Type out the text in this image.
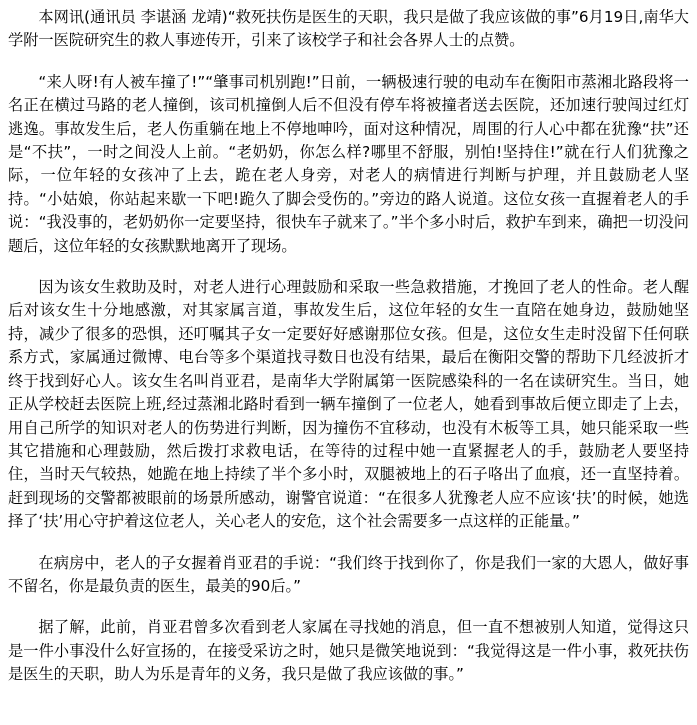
本网讯(通讯员 李谌涵 龙靖)“救死扶伤是医生的天职，我只是做了我应该做的事”6月19日,南华大学附一医院研究生的救人事迹传开，引来了该校学子和社会各界人士的点赞。

“来人呀!有人被车撞了!”“肇事司机别跑!”日前，一辆极速行驶的电动车在衡阳市蒸湘北路段将一名正在横过马路的老人撞倒，该司机撞倒人后不但没有停车将被撞者送去医院，还加速行驶闯过红灯逃逸。事故发生后，老人伤重躺在地上不停地呻吟，面对这种情况，周围的行人心中都在犹豫“扶”还是“不扶”，一时之间没人上前。“老奶奶，你怎么样?哪里不舒服，别怕!坚持住!”就在行人们犹豫之际，一位年轻的女孩冲了上去，跪在老人身旁，对老人的病情进行判断与护理，并且鼓励老人坚持。“小姑娘，你站起来歇一下吧!跪久了脚会受伤的。”旁边的路人说道。这位女孩一直握着老人的手说：“我没事的，老奶奶你一定要坚持，很快车子就来了。”半个多小时后，救护车到来，确把一切没问题后，这位年轻的女孩默默地离开了现场。

因为该女生救助及时，对老人进行心理鼓励和采取一些急救措施，才挽回了老人的性命。老人醒后对该女生十分地感激，对其家属言道，事故发生后，这位年轻的女生一直陪在她身边，鼓励她坚持，减少了很多的恐惧，还叮嘱其子女一定要好好感谢那位女孩。但是，这位女生走时没留下任何联系方式，家属通过微博、电台等多个渠道找寻数日也没有结果，最后在衡阳交警的帮助下几经波折才终于找到好心人。该女生名叫肖亚君，是南华大学附属第一医院感染科的一名在读研究生。当日，她正从学校赶去医院上班,经过蒸湘北路时看到一辆车撞倒了一位老人，她看到事故后便立即走了上去，用自己所学的知识对老人的伤势进行判断，因为撞伤不宜移动，也没有木板等工具，她只能采取一些其它措施和心理鼓励，然后拨打求救电话，在等待的过程中她一直紧握老人的手，鼓励老人要坚持住，当时天气较热，她跪在地上持续了半个多小时，双腿被地上的石子咯出了血痕，还一直坚持着。赶到现场的交警都被眼前的场景所感动，谢警官说道：“在很多人犹豫老人应不应该‘扶’的时候，她选择了‘扶’用心守护着这位老人，关心老人的安危，这个社会需要多一点这样的正能量。”

在病房中，老人的子女握着肖亚君的手说：“我们终于找到你了，你是我们一家的大恩人，做好事不留名，你是最负责的医生，最美的90后。”

据了解，此前，肖亚君曾多次看到老人家属在寻找她的消息，但一直不想被别人知道，觉得这只是一件小事没什么好宣扬的，在接受采访之时，她只是微笑地说到：“我觉得这是一件小事，救死扶伤是医生的天职，助人为乐是青年的义务，我只是做了我应该做的事。”
